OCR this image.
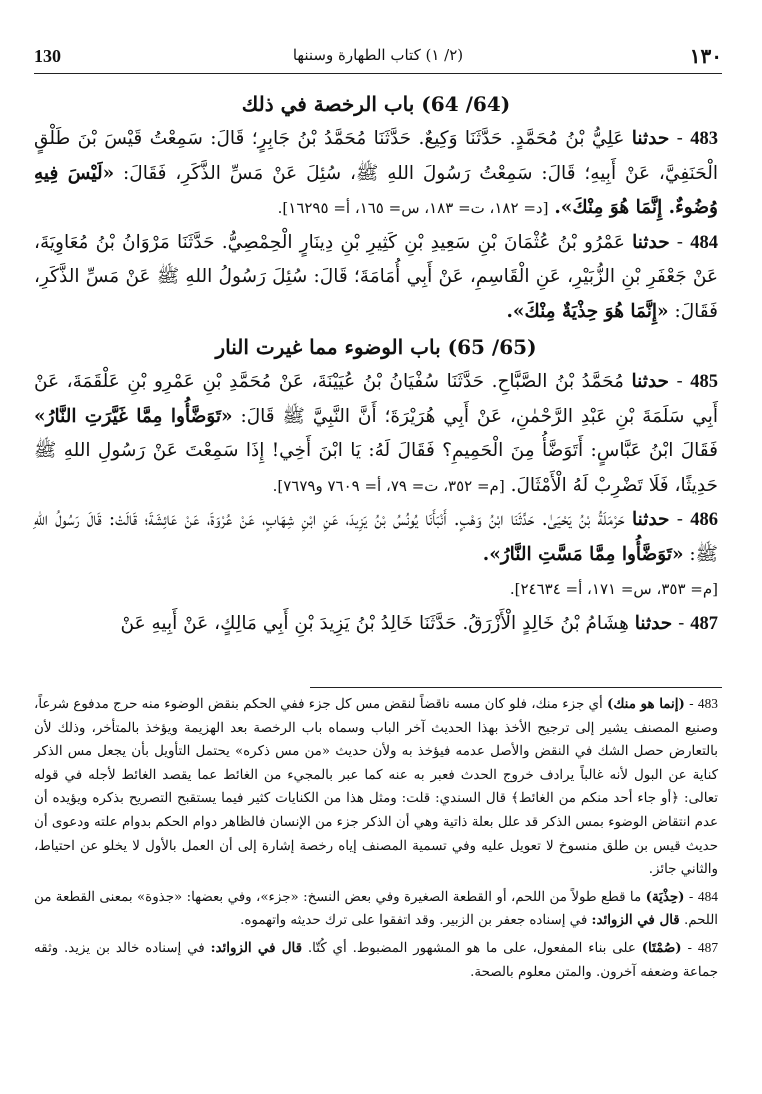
130	(٢/ ١) كتاب الطهارة وسننها	١٣٠

(64/ 64) باب الرخصة في ذلك

483 - حدثنا عَلِيُّ بْنُ مُحَمَّدٍ. حَدَّثَنَا وَكِيعٌ. حَدَّثَنَا مُحَمَّدُ بْنُ جَابِرٍ؛ قَالَ: سَمِعْتُ قَيْسَ بْنَ طَلْقٍ الْحَنَفِيَّ، عَنْ أَبِيهِ؛ قَالَ: سَمِعْتُ رَسُولَ اللهِ ﷺ، سُئِلَ عَنْ مَسِّ الذَّكَرِ، فَقَالَ: «لَيْسَ فِيهِ وُضُوءٌ. إِنَّمَا هُوَ مِنْكَ». [د= ١٨٢، ت= ١٨٣، س= ١٦٥، أ= ١٦٢٩٥].

484 - حدثنا عَمْرُو بْنُ عُثْمَانَ بْنِ سَعِيدِ بْنِ كَثِيرِ بْنِ دِينَارٍ الْحِمْصِيُّ. حَدَّثَنَا مَرْوَانُ بْنُ مُعَاوِيَةَ، عَنْ جَعْفَرِ بْنِ الزُّبَيْرِ، عَنِ الْقَاسِمِ، عَنْ أَبِي أُمَامَةَ؛ قَالَ: سُئِلَ رَسُولُ اللهِ ﷺ عَنْ مَسِّ الذَّكَرِ، فَقَالَ: «إِنَّمَا هُوَ حِذْيَةٌ مِنْكَ».

(65/ 65) باب الوضوء مما غيرت النار

485 - حدثنا مُحَمَّدُ بْنُ الصَّبَّاحِ. حَدَّثَنَا سُفْيَانُ بْنُ عُيَيْنَةَ، عَنْ مُحَمَّدِ بْنِ عَمْرِو بْنِ عَلْقَمَةَ، عَنْ أَبِي سَلَمَةَ بْنِ عَبْدِ الرَّحْمٰنِ، عَنْ أَبِي هُرَيْرَةَ؛ أَنَّ النَّبِيَّ ﷺ قَالَ: «تَوَضَّأُوا مِمَّا غَيَّرَتِ النَّارُ» فَقَالَ ابْنُ عَبَّاسٍ: أَتَوَضَّأُ مِنَ الْحَمِيمِ؟ فَقَالَ لَهُ: يَا ابْنَ أَخِي! إِذَا سَمِعْتَ عَنْ رَسُولِ اللهِ ﷺ حَدِيثًا، فَلَا تَضْرِبْ لَهُ الْأَمْثَالَ. [م= ٣٥٢، ت= ٧٩، أ= ٧٦٠٩ و٧٦٧٩].

486 - حدثنا حَرْمَلَةُ بْنُ يَحْيَىٰ. حَدَّثَنَا ابْنُ وَهْبٍ. أَنْبَأَنَا يُونُسُ بْنُ يَزِيدَ، عَنِ ابْنِ شِهَابٍ، عَنْ عُرْوَةَ، عَنْ عَائِشَةَ؛ قَالَتْ: قَالَ رَسُولُ اللهِ ﷺ: «تَوَضَّأُوا مِمَّا مَسَّتِ النَّارُ».

[م= ٣٥٣، س= ١٧١، أ= ٢٤٦٣٤].

487 - حدثنا هِشَامُ بْنُ خَالِدٍ الْأَزْرَقُ. حَدَّثَنَا خَالِدُ بْنُ يَزِيدَ بْنِ أَبِي مَالِكٍ، عَنْ أَبِيهِ عَنْ

483 - (إنما هو منك) أي جزء منك، فلو كان مسه ناقضاً لنقض مس كل جزء ففي الحكم بنقض الوضوء منه حرج مدفوع شرعاً، وصنيع المصنف يشير إلى ترجيح الأخذ بهذا الحديث آخر الباب وسماه باب الرخصة بعد الهزيمة ويؤخذ بالمتأخر، وذلك لأن بالتعارض حصل الشك في النقض والأصل عدمه فيؤخذ به ولأن حديث «من مس ذكره» يحتمل التأويل بأن يجعل مس الذكر كناية عن البول لأنه غالباً يرادف خروج الحدث فعبر به عنه كما عبر بالمجيء من الغائط عما يقصد الغائط لأجله في قوله تعالى: ﴿أو جاء أحد منكم من الغائط﴾ قال السندي: قلت: ومثل هذا من الكنايات كثير فيما يستقبح التصريح بذكره ويؤيده أن عدم انتقاض الوضوء بمس الذكر قد علل بعلة ذاتية وهي أن الذكر جزء من الإنسان فالظاهر دوام الحكم بدوام علته ودعوى أن حديث قيس بن طلق منسوخ لا تعويل عليه وفي تسمية المصنف إياه رخصة إشارة إلى أن العمل بالأول لا يخلو عن احتياط، والثاني جائز.

484 - (حِذْيَة) ما قطع طولاً من اللحم، أو القطعة الصغيرة وفي بعض النسخ: «جزء»، وفي بعضها: «جذوة» بمعنى القطعة من اللحم. قال في الزوائد: في إسناده جعفر بن الزبير. وقد اتفقوا على ترك حديثه واتهموه.

487 - (صُمْتَا) على بناء المفعول، على ما هو المشهور المضبوط. أي كُتّا. قال في الزوائد: في إسناده خالد بن يزيد. وثقه جماعة وضعفه آخرون. والمتن معلوم بالصحة.
